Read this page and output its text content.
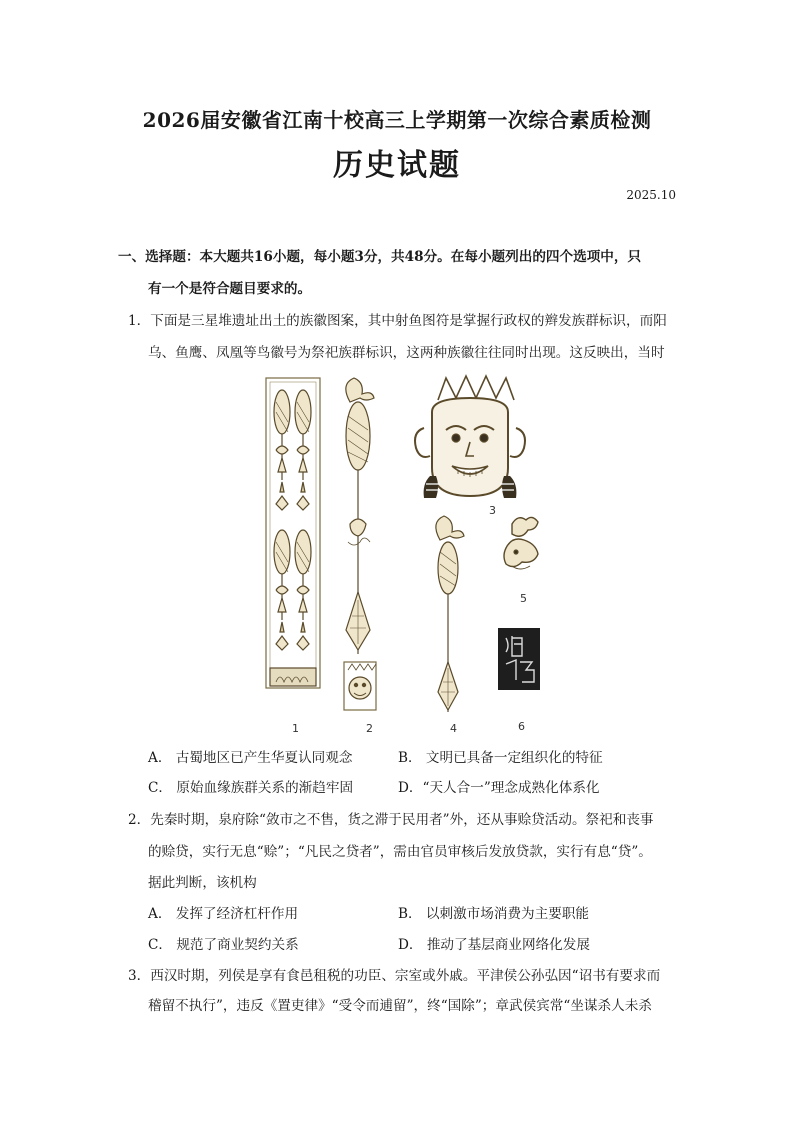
2026届安徽省江南十校高三上学期第一次综合素质检测
历史试题
2025.10
一、选择题：本大题共16小题，每小题3分，共48分。在每小题列出的四个选项中，只
有一个是符合题目要求的。
1．下面是三星堆遗址出土的族徽图案，其中射鱼图符是掌握行政权的辫发族群标识，而阳
乌、鱼鹰、凤凰等鸟徽号为祭祀族群标识，这两种族徽往往同时出现。这反映出，当时
3
5
1	2	4	6
A． 古蜀地区已产生华夏认同观念	B． 文明已具备一定组织化的特征
C． 原始血缘族群关系的渐趋牢固	D．“天人合一”理念成熟化体系化
2．先秦时期，泉府除“敛市之不售，货之滞于民用者”外，还从事赊贷活动。祭祀和丧事
的赊贷，实行无息“赊”；“凡民之贷者”，需由官员审核后发放贷款，实行有息“贷”。
据此判断，该机构
A． 发挥了经济杠杆作用	B． 以刺激市场消费为主要职能
C． 规范了商业契约关系	D． 推动了基层商业网络化发展
3．西汉时期，列侯是享有食邑租税的功臣、宗室或外戚。平津侯公孙弘因“诏书有要求而
稽留不执行”，违反《置吏律》“受令而逋留”，终“国除”；章武侯宾常“坐谋杀人未杀
